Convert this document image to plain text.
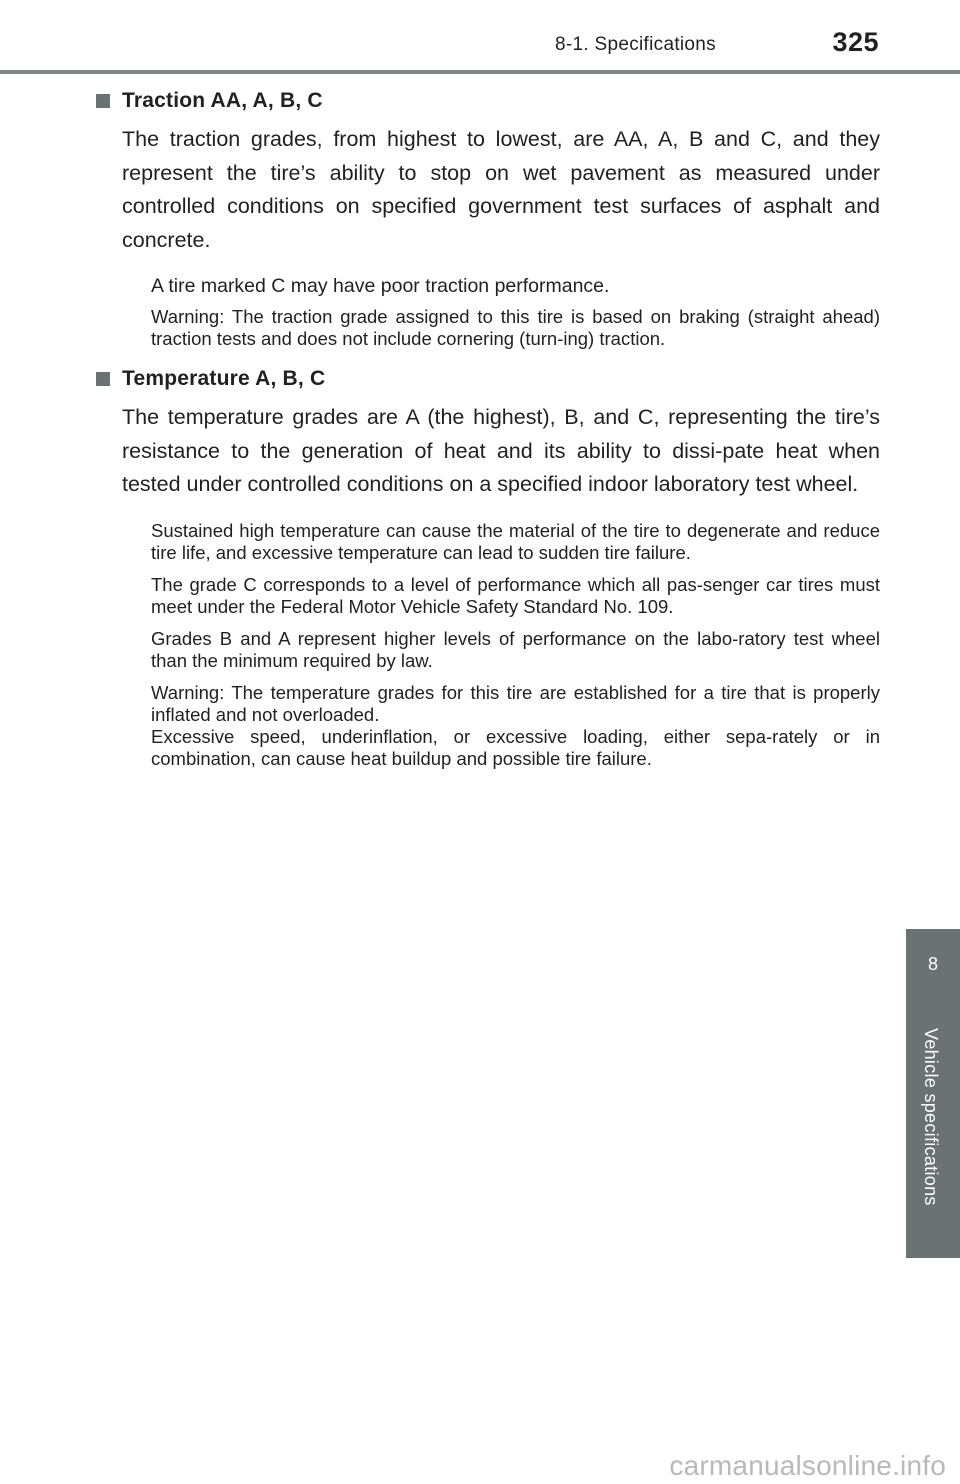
8-1. Specifications	325
Traction AA, A, B, C

The traction grades, from highest to lowest, are AA, A, B and C, and they represent the tire’s ability to stop on wet pavement as measured under controlled conditions on specified government test surfaces of asphalt and concrete.

A tire marked C may have poor traction performance.

Warning: The traction grade assigned to this tire is based on braking (straight ahead) traction tests and does not include cornering (turn-ing) traction.

Temperature A, B, C

The temperature grades are A (the highest), B, and C, representing the tire’s resistance to the generation of heat and its ability to dissi-pate heat when tested under controlled conditions on a specified indoor laboratory test wheel.

Sustained high temperature can cause the material of the tire to degenerate and reduce tire life, and excessive temperature can lead to sudden tire failure.

The grade C corresponds to a level of performance which all pas-senger car tires must meet under the Federal Motor Vehicle Safety Standard No. 109.

Grades B and A represent higher levels of performance on the labo-ratory test wheel than the minimum required by law.

Warning: The temperature grades for this tire are established for a tire that is properly inflated and not overloaded.

Excessive speed, underinflation, or excessive loading, either sepa-rately or in combination, can cause heat buildup and possible tire failure.

8
Vehicle specifications
carmanualsonline.info
